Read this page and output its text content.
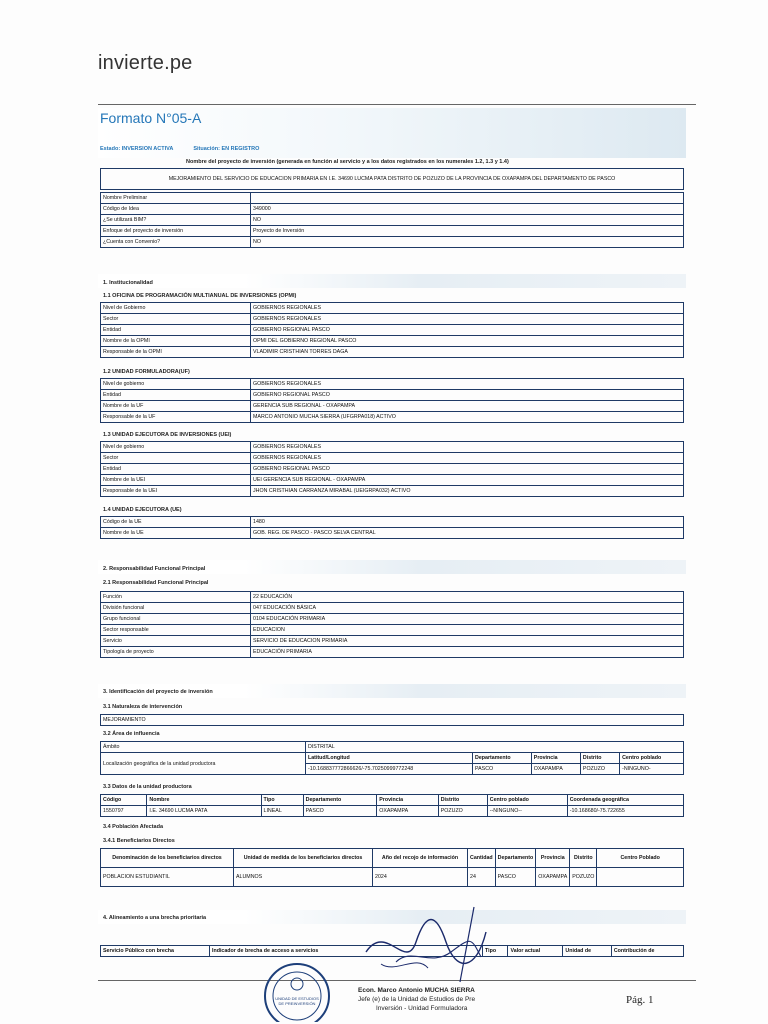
invierte.pe
Formato N°05-A
Estado: INVERSION ACTIVA	Situación: EN REGISTRO
Nombre del proyecto de inversión (generada en función al servicio y a los datos registrados en los numerales 1.2, 1.3 y 1.4)
MEJORAMIENTO DEL SERVICIO DE EDUCACION PRIMARIA EN I.E. 34690 LUCMA PATA DISTRITO DE POZUZO DE LA PROVINCIA DE OXAPAMPA DEL DEPARTAMENTO DE PASCO
Nombre Preliminar	
Código de Idea	349000
¿Se utilizará BIM?	NO
Enfoque del proyecto de inversión	Proyecto de Inversión
¿Cuenta con Convenio?	NO
1. Institucionalidad
1.1 OFICINA DE PROGRAMACIÓN MULTIANUAL DE INVERSIONES (OPMI)
Nivel de Gobierno	GOBIERNOS REGIONALES
Sector	GOBIERNOS REGIONALES
Entidad	GOBIERNO REGIONAL PASCO
Nombre de la OPMI	OPMI DEL GOBIERNO REGIONAL PASCO
Responsable de la OPMI	VLADIMIR CRISTHIAN TORRES DAGA
1.2 UNIDAD FORMULADORA(UF)
Nivel de gobierno	GOBIERNOS REGIONALES
Entidad	GOBIERNO REGIONAL PASCO
Nombre de la UF	GERENCIA SUB REGIONAL - OXAPAMPA
Responsable de la UF	MARCO ANTONIO MUCHA SIERRA (UFGRPA018) ACTIVO
1.3 UNIDAD EJECUTORA DE INVERSIONES (UEI)
Nivel de gobierno	GOBIERNOS REGIONALES
Sector	GOBIERNOS REGIONALES
Entidad	GOBIERNO REGIONAL PASCO
Nombre de la UEI	UEI GERENCIA SUB REGIONAL - OXAPAMPA
Responsable de la UEI	JHON CRISTHIAN CARRANZA MIRABAL (UEIGRPA032) ACTIVO
1.4 UNIDAD EJECUTORA (UE)
Código de la UE	1480
Nombre de la UE	GOB. REG. DE PASCO - PASCO SELVA CENTRAL
2. Responsabilidad Funcional Principal
2.1 Responsabilidad Funcional Principal
Función	22 EDUCACIÓN
División funcional	047 EDUCACIÓN BÁSICA
Grupo funcional	0104 EDUCACIÓN PRIMARIA
Sector responsable	EDUCACION
Servicio	SERVICIO DE EDUCACION PRIMARIA
Tipología de proyecto	EDUCACIÓN PRIMARIA
3. Identificación del proyecto de inversión
3.1 Naturaleza de intervención
MEJORAMIENTO
3.2 Área de influencia
Ámbito	DISTRITAL				
Localización geográfica de la unidad productora	Latitud/Longitud	Departamento	Provincia	Distrito	Centro poblado
	-10.168837772866626/-75.70250999772248	PASCO	OXAPAMPA	POZUZO	-NINGUNO-
3.3 Datos de la unidad productora
Código	Nombre	Tipo	Departamento	Provincia	Distrito	Centro poblado	Coordenada geográfica
1550797	I.E. 34690 LUCMA PATA	LINEAL	PASCO	OXAPAMPA	POZUZO	--NINGUNO--	-10.168680/-75.722655
3.4 Población Afectada
3.4.1 Beneficiarios Directos
Denominación de los beneficiarios directos	Unidad de medida de los beneficiarios directos	Año del recojo de información	Cantidad	Departamento	Provincia	Distrito	Centro Poblado
POBLACION ESTUDIANTIL	ALUMNOS	2024	24	PASCO	OXAPAMPA	POZUZO	
4. Alineamiento a una brecha prioritaria
Servicio Público con brecha	Indicador de brecha de acceso a servicios	Tipo	Valor actual	Unidad de	Contribución de
UNIDAD DE ESTUDIOS
DE PREINVERSIÓN
Econ. Marco Antonio MUCHA SIERRA
Jefe (e) de la Unidad de Estudios de Pre
Inversión - Unidad Formuladora
Pág. 1
